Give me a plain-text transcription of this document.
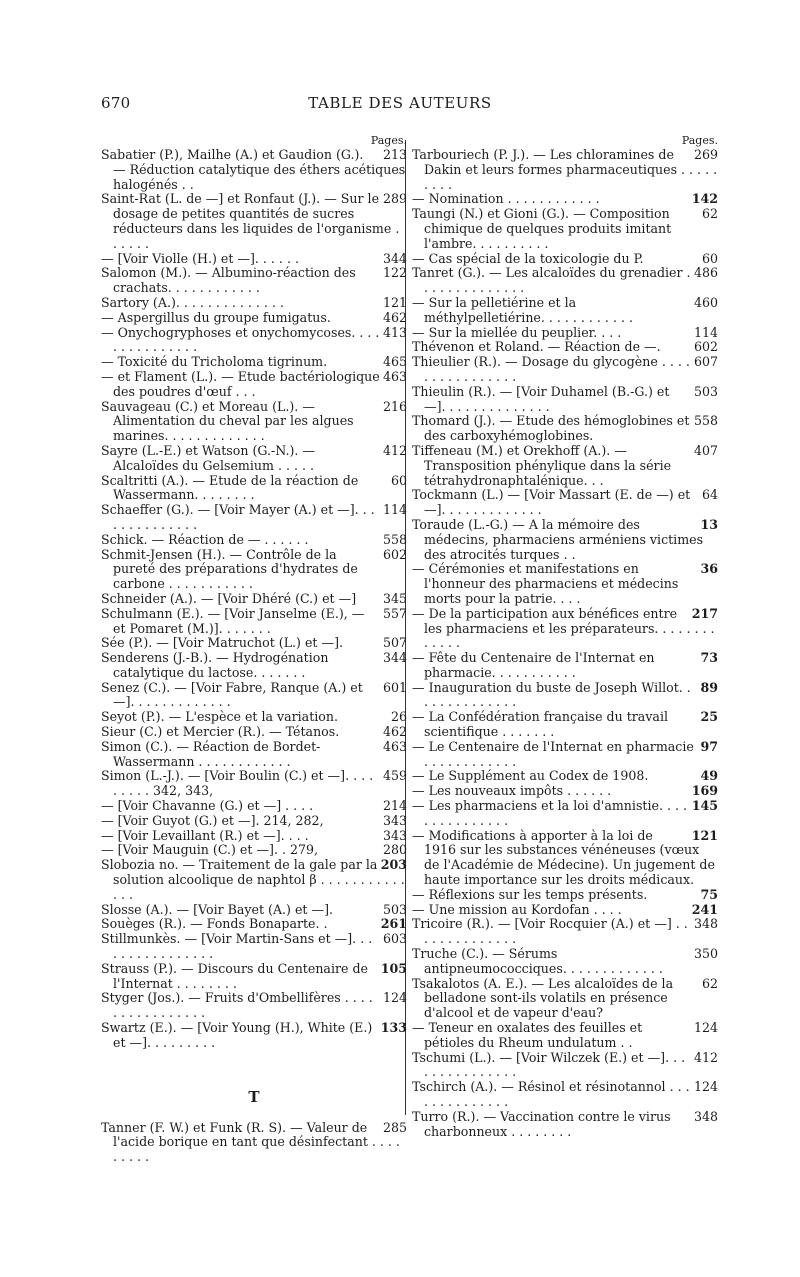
670	TABLE DES AUTEURS
Pages.

213
Sabatier (P.), Mailhe (A.) et Gaudion (G.). — Réduction catalytique des éthers acétiques halogénés . .

289
Saint-Rat (L. de —] et Ronfaut (J.). — Sur le dosage de petites quantités de sucres réducteurs dans les liquides de l'organisme . . . . . .

344
— [Voir Violle (H.) et —]. . . . . .

122
Salomon (M.). — Albumino-réaction des crachats. . . . . . . . . . . .

121
Sartory (A.). . . . . . . . . . . . . .

462
— Aspergillus du groupe fumigatus.

413
— Onychogryphoses et onychomycoses. . . . . . . . . . . . . . .

465
— Toxicité du Tricholoma tigrinum.

463
— et Flament (L.). — Etude bactériologique des poudres d'œuf . . .

216
Sauvageau (C.) et Moreau (L.). — Alimentation du cheval par les algues marines. . . . . . . . . . . . .

412
Sayre (L.-E.) et Watson (G.-N.). — Alcaloïdes du Gelsemium . . . . .

60
Scaltritti (A.). — Etude de la réaction de Wassermann. . . . . . . .

114
Schaeffer (G.). — [Voir Mayer (A.) et —]. . . . . . . . . . . . . .

558
Schick. — Réaction de — . . . . . .

602
Schmit-Jensen (H.). — Contrôle de la pureté des préparations d'hydrates de carbone . . . . . . . . . . .

345
Schneider (A.). — [Voir Dhéré (C.) et —]

557
Schulmann (E.). — [Voir Janselme (E.), — et Pomaret (M.)]. . . . . . .

507
Sée (P.). — [Voir Matruchot (L.) et —].

344
Senderens (J.-B.). — Hydrogénation catalytique du lactose. . . . . . .

601
Senez (C.). — [Voir Fabre, Ranque (A.) et —]. . . . . . . . . . . . .

26
Seyot (P.). — L'espèce et la variation.

462
Sieur (C.) et Mercier (R.). — Tétanos.

463
Simon (C.). — Réaction de Bordet-Wassermann . . . . . . . . . . . .

459
Simon (L.-J.). — [Voir Boulin (C.) et —]. . . . . . . . . 342, 343,

214
— [Voir Chavanne (G.) et —] . . . .

343
— [Voir Guyot (G.) et —]. 214, 282,

343
— [Voir Levaillant (R.) et —]. . . .

280
— [Voir Mauguin (C.) et —]. . 279,

203
Slobozia no. — Traitement de la gale par la solution alcoolique de naphtol β . . . . . . . . . . . . . .

503
Slosse (A.). — [Voir Bayet (A.) et —].

261
Souèges (R.). — Fonds Bonaparte. .

603
Stillmunkès. — [Voir Martin-Sans et —]. . . . . . . . . . . . . . . .

105
Strauss (P.). — Discours du Centenaire de l'Internat . . . . . . . .

124
Styger (Jos.). — Fruits d'Ombellifères . . . . . . . . . . . . . . . .

133
Swartz (E.). — [Voir Young (H.), White (E.) et —]. . . . . . . . .

T

285
Tanner (F. W.) et Funk (R. S). — Valeur de l'acide borique en tant que désinfectant . . . . . . . . .

Pages.

269
Tarbouriech (P. J.). — Les chloramines de Dakin et leurs formes pharmaceutiques . . . . . . . . .

142
— Nomination . . . . . . . . . . . .

62
Taungi (N.) et Gioni (G.). — Composition chimique de quelques produits imitant l'ambre. . . . . . . . . .

60
— Cas spécial de la toxicologie du P.

486
Tanret (G.). — Les alcaloïdes du grenadier . . . . . . . . . . . . . .

460
— Sur la pelletiérine et la méthylpelletiérine. . . . . . . . . . . .

114
— Sur la miellée du peuplier. . . .

602
Thévenon et Roland. — Réaction de —.

607
Thieulier (R.). — Dosage du glycogène . . . . . . . . . . . . . . . .

503
Thieulin (R.). — [Voir Duhamel (B.-G.) et —]. . . . . . . . . . . . . .

558
Thomard (J.). — Etude des hémoglobines et des carboxyhémoglobines.

407
Tiffeneau (M.) et Orekhoff (A.). — Transposition phénylique dans la série tétrahydronaphtalénique. . .

64
Tockmann (L.) — [Voir Massart (E. de —) et —]. . . . . . . . . . . . .

13
Toraude (L.-G.) — A la mémoire des médecins, pharmaciens arméniens victimes des atrocités turques . .

36
— Cérémonies et manifestations en l'honneur des pharmaciens et médecins morts pour la patrie. . . .

217
— De la participation aux bénéfices entre les pharmaciens et les préparateurs. . . . . . . . . . . . .

73
— Fête du Centenaire de l'Internat en pharmacie. . . . . . . . . . .

89
— Inauguration du buste de Joseph Willot. . . . . . . . . . . . . .

25
— La Confédération française du travail scientifique . . . . . . .

97
— Le Centenaire de l'Internat en pharmacie . . . . . . . . . . . .

49
— Le Supplément au Codex de 1908.

169
— Les nouveaux impôts . . . . . .

145
— Les pharmaciens et la loi d'amnistie. . . . . . . . . . . . . . .

121
— Modifications à apporter à la loi de 1916 sur les substances vénéneuses (vœux de l'Académie de Médecine). Un jugement de haute importance sur les droits médicaux.

75
— Réflexions sur les temps présents.

241
— Une mission au Kordofan . . . .

348
Tricoire (R.). — [Voir Rocquier (A.) et —] . . . . . . . . . . . . . .

350
Truche (C.). — Sérums antipneumococciques. . . . . . . . . . . . .

62
Tsakalotos (A. E.). — Les alcaloïdes de la belladone sont-ils volatils en présence d'alcool et de vapeur d'eau?

124
— Teneur en oxalates des feuilles et pétioles du Rheum undulatum . .

412
Tschumi (L.). — [Voir Wilczek (E.) et —]. . . . . . . . . . . . . . .

124
Tschirch (A.). — Résinol et résinotannol . . . . . . . . . . . . . .

348
Turro (R.). — Vaccination contre le virus charbonneux . . . . . . . .
